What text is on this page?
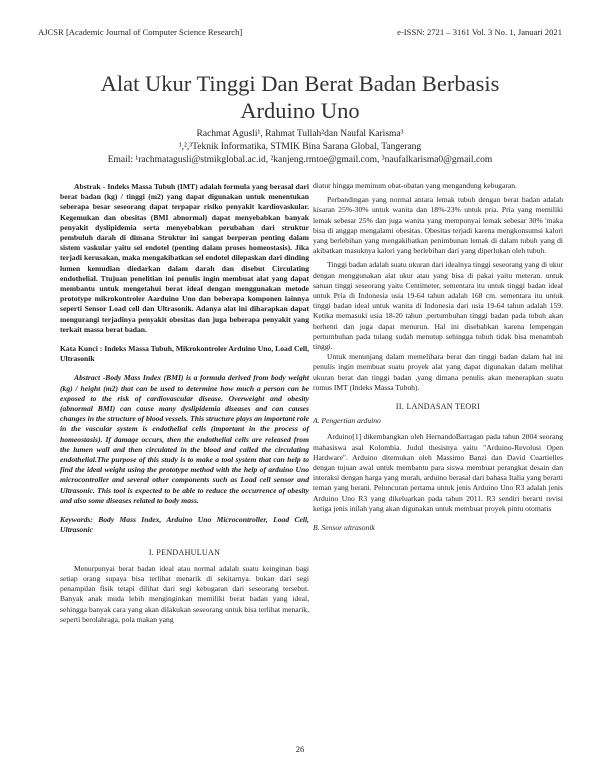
AJCSR [Academic Journal of Computer Science Research]	e-ISSN: 2721 – 3161 Vol. 3 No. 1, Januari 2021
Alat Ukur Tinggi Dan Berat Badan Berbasis
Arduino Uno
Rachmat Agusli¹, Rahmat Tullah²dan Naufal Karisma³
¹,²,³Teknik Informatika, STMIK Bina Sarana Global, Tangerang
Email: ¹rachmatagusli@stmikglobal.ac.id, ²kanjeng.rmtoe@gmail.com, ³naufalkarisma0@gmail.com

Abstrak - Indeks Massa Tubuh (IMT) adalah formula yang berasal dari berat badan (kg) / tinggi (m2) yang dapat digunakan untuk menentukan seberapa besar seseorang dapat terpapar risiko penyakit kardiovaskular. Kegemukan dan obesitas (BMI abnormal) dapat menyebabkan banyak penyakit dyslipidemia serta menyebabkan perubahan dari struktur pembuluh darah di dimana Struktur ini sangat berperan penting dalam sistem vaskular yaitu sel endotel (penting dalam proses homeostasis). Jika terjadi kerusakan, maka mengakibatkan sel endotel dilepaskan dari dinding lumen kemudian diedarkan dalam darah dan disebut Circulating endothelial. Ttujuan penelitian ini penulis ingin membuat alat yang dapat membantu untuk mengetahui berat ideal dengan menggunakan metode prototype mikrokontroler Aarduino Uno dan beberapa komponen lainnya seperti Sensor Load cell dan Ultrasonik. Adanya alat ini diharapkan dapat mengurangi terjadinya penyakit obesitas dan juga beberapa penyakit yang terkait massa berat badan.

Kata Kunci : Indeks Massa Tubuh, Mikrokontroler Arduino Uno, Load Cell, Ultrasonik

Abstract -Body Mass Index (BMI) is a formula derived from body weight (kg) / height (m2) that can be used to determine how much a person can be exposed to the risk of cardiovascular disease. Overweight and obesity (abnormal BMI) can cause many dyslipidemia diseases and can causes changes in the structure of blood vessels. This structure plays an important role in the vascular system is endothelial cells (important in the process of homeostasis). If damage occurs, then the endothelial cells are released from the lumen wall and then circulated in the blood and called the circulating endothelial.The purpose of this study is to make a tool system that can help to find the ideal weight using the prototype method with the help of arduino Uno microcontroller and several other components such as Load cell sensor and Ultrasonic. This tool is expected to be able to reduce the occurrence of obesity and also some diseases related to body mass.

Keywords: Body Mass Index, Arduino Uno Microcontroller, Load Cell, Ultrasonic

I. PENDAHULUAN

Menurpunyai berat badan ideal atau normal adalah suatu keinginan bagi setiap orang supaya bisa terlihat menarik di sekitarnya. bukan dari segi penampilan fisik tetapi dilihat dari segi kebugaran dari seseorang tersebut. Banyak anak muda lebih menginginkan memiliki berat badan yang ideal, sehingga banyak cara yang akan dilakukan seseorang untuk bisa terlihat menarik, seperti berolahraga, pola makan yang

diatur hingga meminum obat-obatan yang mengandung kebugaran.

Perbandingan yang normal antara lemak tubuh dengan berat badan adalah kisaran 25%-30% untuk wanita dan 18%-23% untuk pria. Pria yang memiliki lemak sebesar 25% dan juga wanita yang mempunyai lemak sebesar 30% 'maka bisa di anggap mengalami obesitas. Obesitas terjadi karena mengkonsumsi kalori yang berlebihan yang mengakibatkan penimbunan lemak di dalam tubuh yang di akibatkan masuknya kalori yang berlebihan dari yang diperlukan oleh tubuh.

Tinggi badan adalah suatu ukuran dari idealnya tinggi seseorang yang di ukur dengan menggunakan alat ukur atau yang bisa di pakai yaitu meteran. untuk satuan tinggi seseorang yaitu Centimeter, sementara itu untuk tinggi badan ideal untuk Pria di Indonesia usia 19-64 tahun adalah 168 cm. sementara itu untuk tinggi badan ideal untuk wanita di Indonesia dari usia 19-64 tahun adalah 159. Ketika memasuki usia 18-20 tahun ,pertumbuhan tinggi badan pada tubuh akan berhenti dan juga dapat menurun. Hal ini disebabkan karena lempengan pertumbuhan pada tulang sudah menutup sehingga tubuh tidak bisa menambah tinggi.

Untuk menunjang dalam memelihara berat dan tinggi badan dalam hal ini penulis ingin membuat suatu proyek alat yang dapat digunakan dalam melihat ukuran berat dan tinggi badan ,yang dimana penulis akan menerapkan suatu rumus IMT (Indeks Massa Tubuh).

II. LANDASAN TEORI

A. Pengertian arduino

Arduino[1] dikembangkan oleh HernandoBarragan pada tahun 2004 seorang mahasiswa asal Kolombia. Judul thesisnya yaitu "Arduino-Revolusi Open Hardware". Arduino ditemukan oleh Massimo Banzi dan David Cuartielles dengan tujuan awal untuk membantu para siswa membuat perangkat desain dan interaksi dengan harga yang murah, arduino berasal dari bahasa Italia yang berarti teman yang berani. Peluncuran pertama untuk jenis Arduino Uno R3 adalah jenis Arduino Uno R3 yang dikeluarkan pada tahun 2011. R3 sendiri berarti revisi ketiga jenis inilah yang akan digunakan untuk membuat proyek pintu otomatis

B. Sensor ultrasonik

26
